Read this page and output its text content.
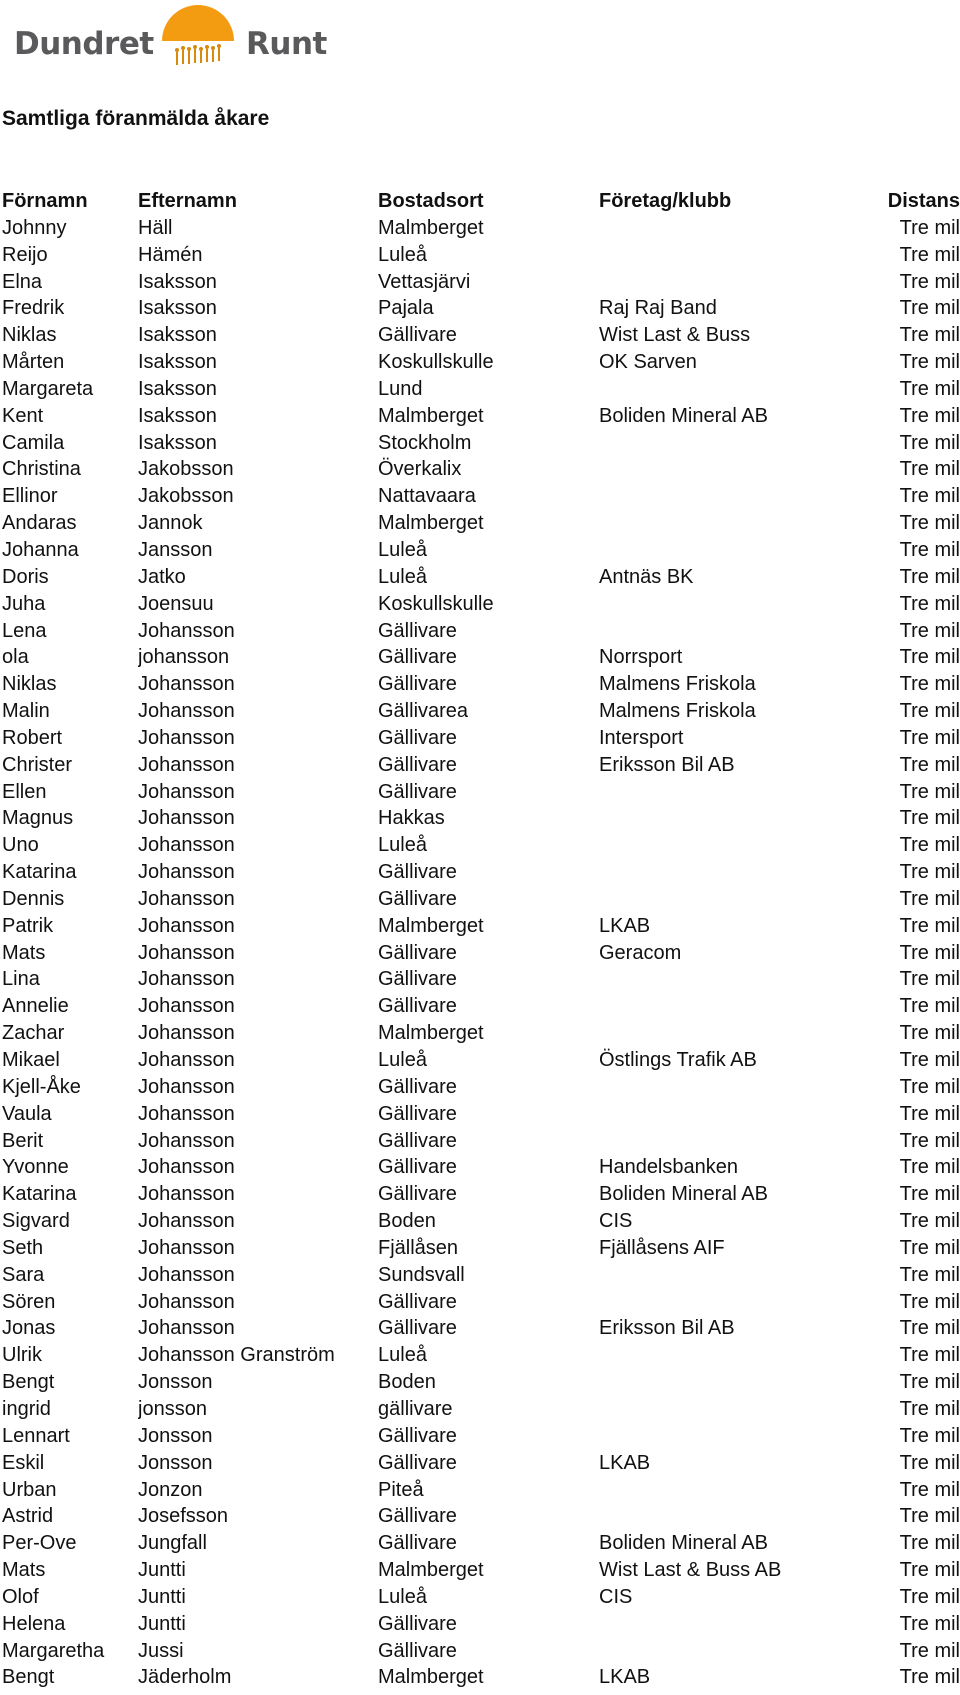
Dundret	Runt
Samtliga föranmälda åkare
Förnamn	Efternamn	Bostadsort	Företag/klubb	Distans
Johnny	Häll	Malmberget		Tre mil
Reijo	Hämén	Luleå		Tre mil
Elna	Isaksson	Vettasjärvi		Tre mil
Fredrik	Isaksson	Pajala	Raj Raj Band	Tre mil
Niklas	Isaksson	Gällivare	Wist Last & Buss	Tre mil
Mårten	Isaksson	Koskullskulle	OK Sarven	Tre mil
Margareta	Isaksson	Lund		Tre mil
Kent	Isaksson	Malmberget	Boliden Mineral AB	Tre mil
Camila	Isaksson	Stockholm		Tre mil
Christina	Jakobsson	Överkalix		Tre mil
Ellinor	Jakobsson	Nattavaara		Tre mil
Andaras	Jannok	Malmberget		Tre mil
Johanna	Jansson	Luleå		Tre mil
Doris	Jatko	Luleå	Antnäs BK	Tre mil
Juha	Joensuu	Koskullskulle		Tre mil
Lena	Johansson	Gällivare		Tre mil
ola	johansson	Gällivare	Norrsport	Tre mil
Niklas	Johansson	Gällivare	Malmens Friskola	Tre mil
Malin	Johansson	Gällivarea	Malmens Friskola	Tre mil
Robert	Johansson	Gällivare	Intersport	Tre mil
Christer	Johansson	Gällivare	Eriksson Bil AB	Tre mil
Ellen	Johansson	Gällivare		Tre mil
Magnus	Johansson	Hakkas		Tre mil
Uno	Johansson	Luleå		Tre mil
Katarina	Johansson	Gällivare		Tre mil
Dennis	Johansson	Gällivare		Tre mil
Patrik	Johansson	Malmberget	LKAB	Tre mil
Mats	Johansson	Gällivare	Geracom	Tre mil
Lina	Johansson	Gällivare		Tre mil
Annelie	Johansson	Gällivare		Tre mil
Zachar	Johansson	Malmberget		Tre mil
Mikael	Johansson	Luleå	Östlings Trafik AB	Tre mil
Kjell-Åke	Johansson	Gällivare		Tre mil
Vaula	Johansson	Gällivare		Tre mil
Berit	Johansson	Gällivare		Tre mil
Yvonne	Johansson	Gällivare	Handelsbanken	Tre mil
Katarina	Johansson	Gällivare	Boliden Mineral AB	Tre mil
Sigvard	Johansson	Boden	CIS	Tre mil
Seth	Johansson	Fjällåsen	Fjällåsens AIF	Tre mil
Sara	Johansson	Sundsvall		Tre mil
Sören	Johansson	Gällivare		Tre mil
Jonas	Johansson	Gällivare	Eriksson Bil AB	Tre mil
Ulrik	Johansson Granström	Luleå		Tre mil
Bengt	Jonsson	Boden		Tre mil
ingrid	jonsson	gällivare		Tre mil
Lennart	Jonsson	Gällivare		Tre mil
Eskil	Jonsson	Gällivare	LKAB	Tre mil
Urban	Jonzon	Piteå		Tre mil
Astrid	Josefsson	Gällivare		Tre mil
Per-Ove	Jungfall	Gällivare	Boliden Mineral AB	Tre mil
Mats	Juntti	Malmberget	Wist Last & Buss AB	Tre mil
Olof	Juntti	Luleå	CIS	Tre mil
Helena	Juntti	Gällivare		Tre mil
Margaretha	Jussi	Gällivare		Tre mil
Bengt	Jäderholm	Malmberget	LKAB	Tre mil
